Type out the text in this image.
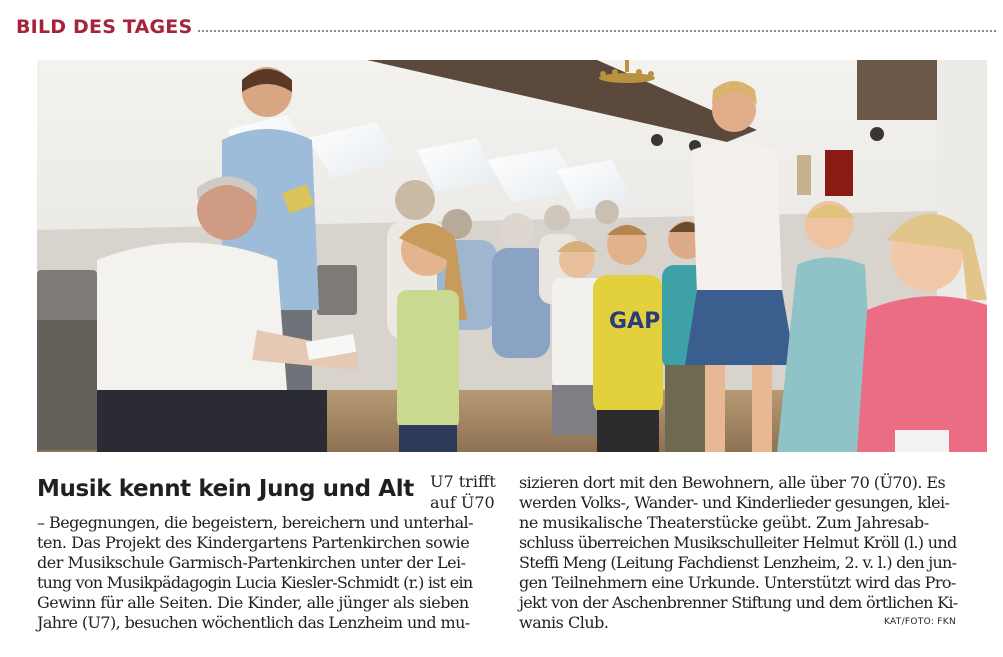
BILD DES TAGES
GAP
Musik kennt kein Jung und Alt U7 trifft
auf Ü70
– Begegnungen, die begeistern, bereichern und unterhal-
ten. Das Projekt des Kindergartens Partenkirchen sowie
der Musikschule Garmisch-Partenkirchen unter der Lei-
tung von Musikpädagogin Lucia Kiesler-Schmidt (r.) ist ein
Gewinn für alle Seiten. Die Kinder, alle jünger als sieben
Jahre (U7), besuchen wöchentlich das Lenzheim und mu-
sizieren dort mit den Bewohnern, alle über 70 (Ü70). Es
werden Volks-, Wander- und Kinderlieder gesungen, klei-
ne musikalische Theaterstücke geübt. Zum Jahresab-
schluss überreichen Musikschulleiter Helmut Kröll (l.) und
Steffi Meng (Leitung Fachdienst Lenzheim, 2. v. l.) den jun-
gen Teilnehmern eine Urkunde. Unterstützt wird das Pro-
jekt von der Aschenbrenner Stiftung und dem örtlichen Ki-
wanis Club.	KAT/FOTO: FKN
